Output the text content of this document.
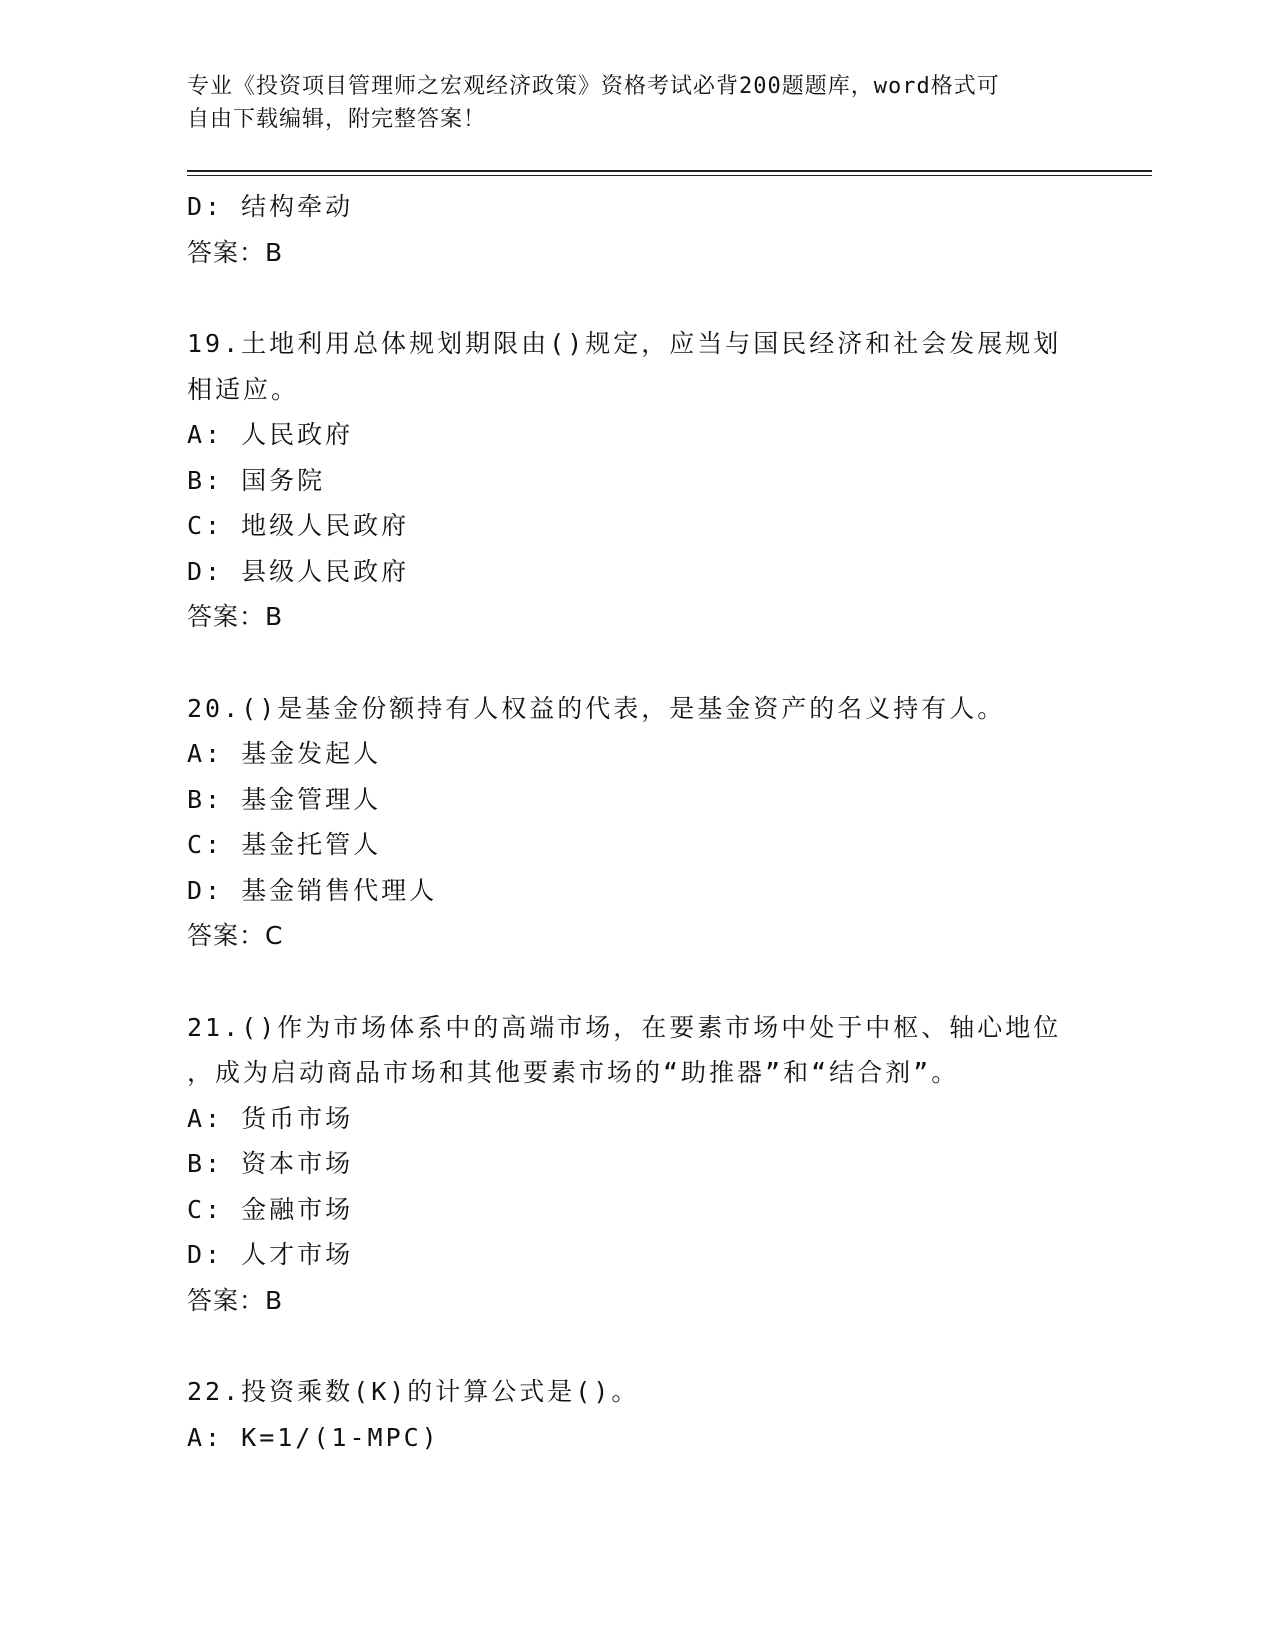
专业《投资项目管理师之宏观经济政策》资格考试必背200题题库，word格式可
自由下载编辑，附完整答案！
D: 结构牵动
答案：B
19.土地利用总体规划期限由()规定，应当与国民经济和社会发展规划
相适应。
A: 人民政府
B: 国务院
C: 地级人民政府
D: 县级人民政府
答案：B
20.()是基金份额持有人权益的代表，是基金资产的名义持有人。
A: 基金发起人
B: 基金管理人
C: 基金托管人
D: 基金销售代理人
答案：C
21.()作为市场体系中的高端市场，在要素市场中处于中枢、轴心地位
，成为启动商品市场和其他要素市场的“助推器”和“结合剂”。
A: 货币市场
B: 资本市场
C: 金融市场
D: 人才市场
答案：B
22.投资乘数(K)的计算公式是()。
A: K=1/(1-MPC)
